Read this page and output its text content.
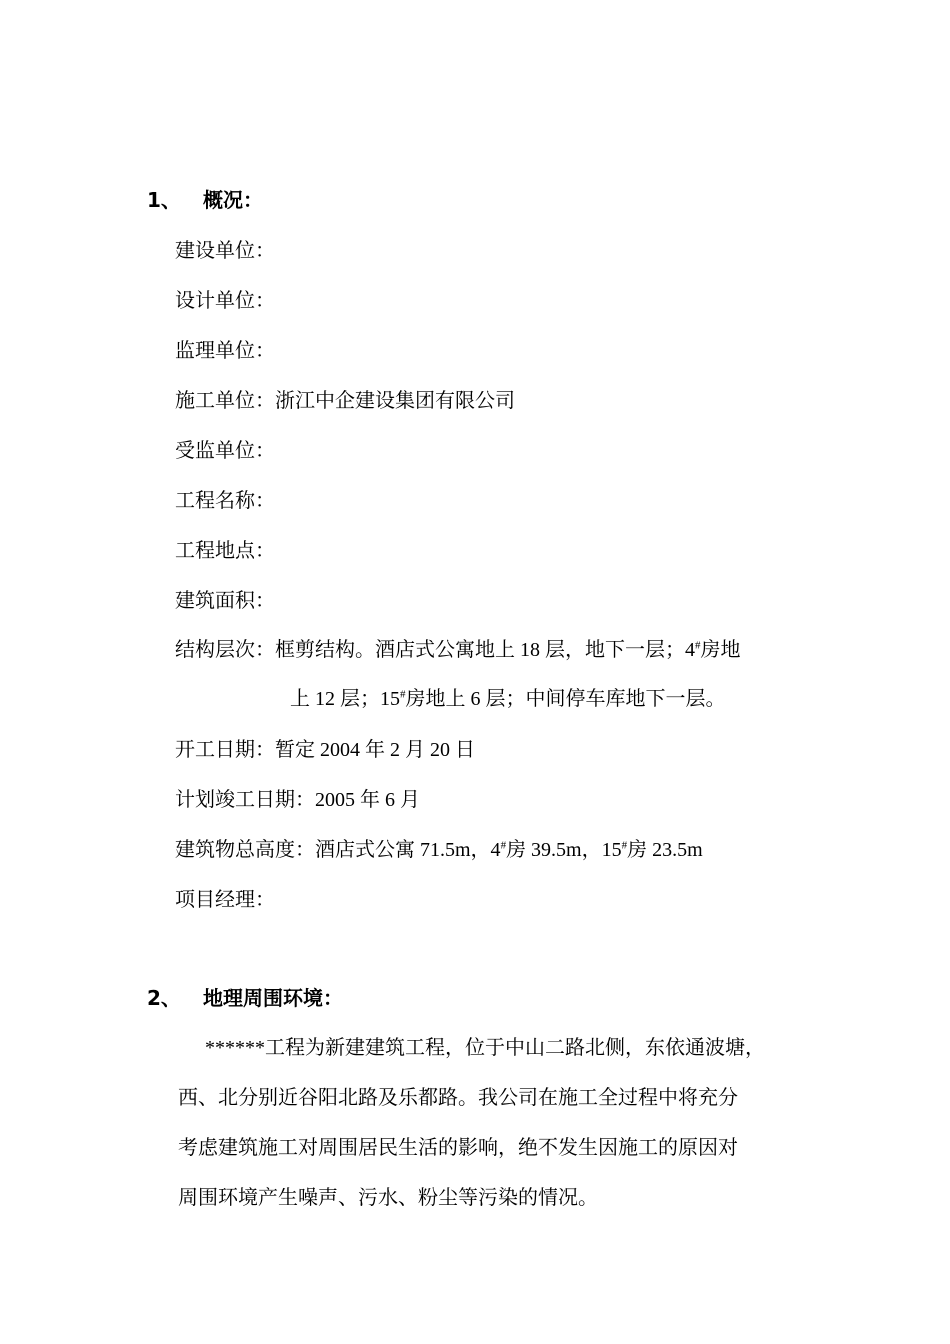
1、 概况：
建设单位：
设计单位：
监理单位：
施工单位：浙江中企建设集团有限公司
受监单位：
工程名称：
工程地点：
建筑面积：
结构层次：框剪结构。酒店式公寓地上 18 层，地下一层；4#房地
上 12 层；15#房地上 6 层；中间停车库地下一层。
开工日期：暂定 2004 年 2 月 20 日
计划竣工日期：2005 年 6 月
建筑物总高度：酒店式公寓 71.5m，4#房 39.5m，15#房 23.5m
项目经理：
2、 地理周围环境：
******工程为新建建筑工程，位于中山二路北侧，东依通波塘，
西、北分别近谷阳北路及乐都路。我公司在施工全过程中将充分
考虑建筑施工对周围居民生活的影响，绝不发生因施工的原因对
周围环境产生噪声、污水、粉尘等污染的情况。
